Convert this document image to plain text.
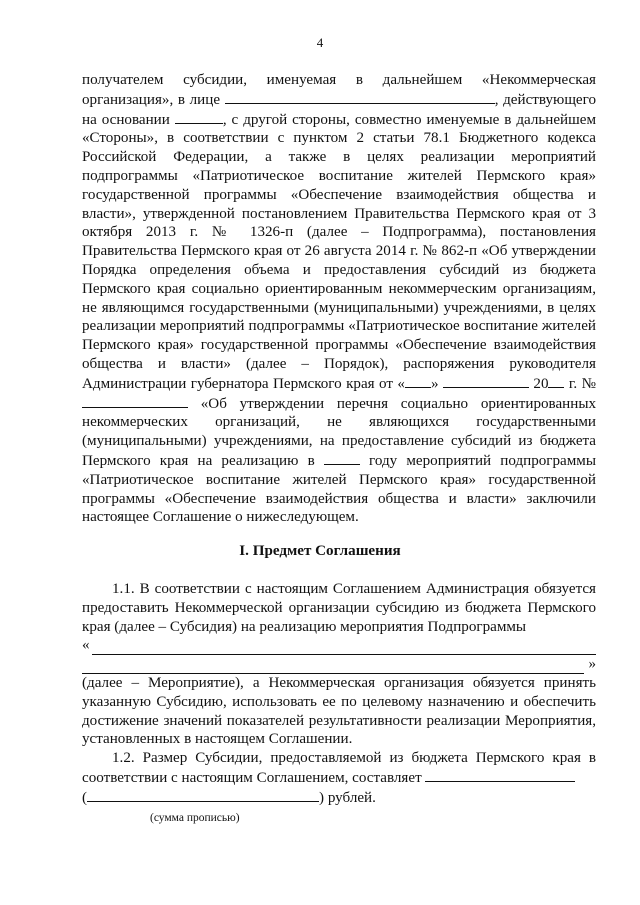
4

получателем субсидии, именуемая в дальнейшем «Некоммерческая организация», в лице	, действующего на основании	, с другой стороны, совместно именуемые в дальнейшем «Стороны», в соответствии с пунктом 2 статьи 78.1 Бюджетного кодекса Российской Федерации, а также в целях реализации мероприятий подпрограммы «Патриотическое воспитание жителей Пермского края» государственной программы «Обеспечение взаимодействия общества и власти», утвержденной постановлением Правительства Пермского края от 3 октября 2013 г. № 1326-п (далее – Подпрограмма), постановления Правительства Пермского края от 26 августа 2014 г. № 862-п «Об утверждении Порядка определения объема и предоставления субсидий из бюджета Пермского края социально ориентированным некоммерческим организациям, не являющимся государственными (муниципальными) учреждениями, в целях реализации мероприятий подпрограммы «Патриотическое воспитание жителей Пермского края» государственной программы «Обеспечение взаимодействия общества и власти» (далее – Порядок), распоряжения руководителя Администрации губернатора Пермского края от « »	20 г. №  «Об утверждении перечня социально ориентированных некоммерческих организаций, не являющихся государственными (муниципальными) учреждениями, на предоставление субсидий из бюджета Пермского края на реализацию в	году мероприятий подпрограммы «Патриотическое воспитание жителей Пермского края» государственной программы «Обеспечение взаимодействия общества и власти» заключили настоящее Соглашение о нижеследующем.

I. Предмет Соглашения

1.1. В соответствии с настоящим Соглашением Администрация обязуется предоставить Некоммерческой организации субсидию из бюджета Пермского края (далее – Субсидия) на реализацию мероприятия Подпрограммы

«
»

(далее – Мероприятие), а Некоммерческая организация обязуется принять указанную Субсидию, использовать ее по целевому назначению и обеспечить достижение значений показателей результативности реализации Мероприятия, установленных в настоящем Соглашении.

1.2. Размер Субсидии, предоставляемой из бюджета Пермского края в соответствии с настоящим Соглашением, составляет

(	) рублей.

(сумма прописью)
